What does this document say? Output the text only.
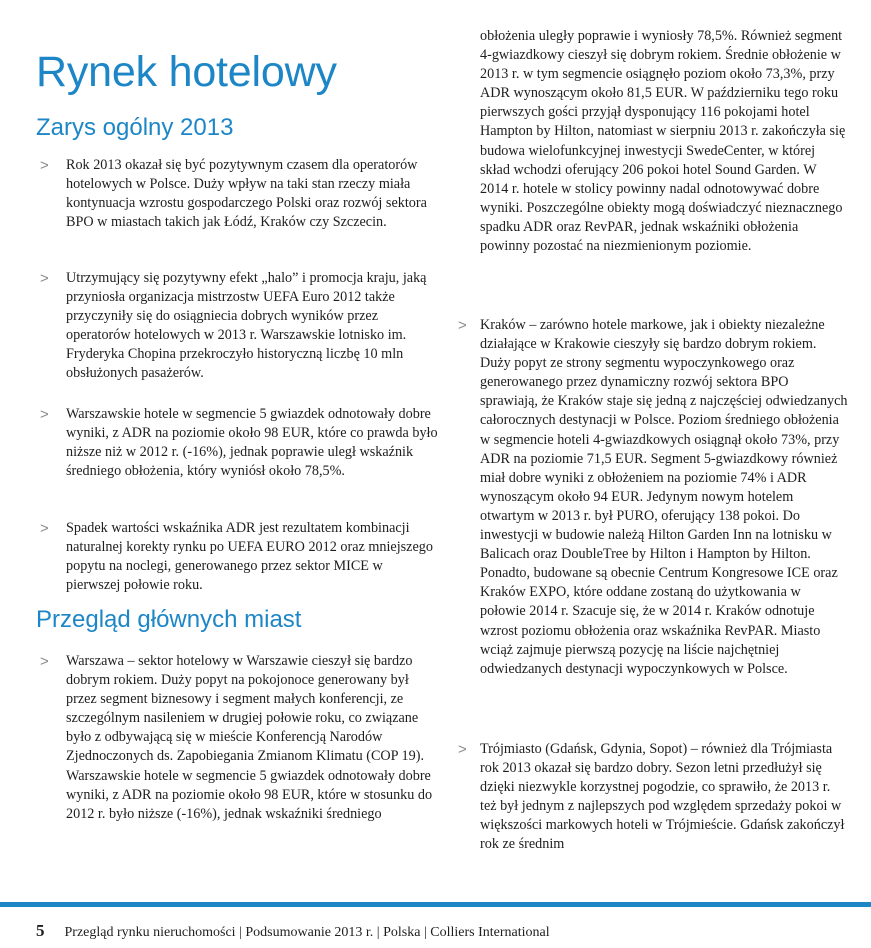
Rynek hotelowy
Zarys ogólny 2013
Przegląd głównych miast
> Rok 2013 okazał się być pozytywnym czasem dla operatorów hotelowych w Polsce. Duży wpływ na taki stan rzeczy miała kontynuacja wzrostu gospodarczego Polski oraz rozwój sektora BPO w miastach takich jak Łódź, Kraków czy Szczecin.
> Utrzymujący się pozytywny efekt „halo” i promocja kraju, jaką przyniosła organizacja mistrzostw UEFA Euro 2012 także przyczyniły się do osiągniecia dobrych wyników przez operatorów hotelowych w 2013 r. Warszawskie lotnisko im. Fryderyka Chopina przekroczyło historyczną liczbę 10 mln obsłużonych pasażerów.
> Warszawskie hotele w segmencie 5 gwiazdek odnotowały dobre wyniki, z ADR na poziomie około 98 EUR, które co prawda było niższe niż w 2012 r. (-16%), jednak poprawie uległ wskaźnik średniego obłożenia, który wyniósł około 78,5%.
> Spadek wartości wskaźnika ADR jest rezultatem kombinacji naturalnej korekty rynku po UEFA EURO 2012 oraz mniejszego popytu na noclegi, generowanego przez sektor MICE w pierwszej połowie roku.
> Warszawa – sektor hotelowy w Warszawie cieszył się bardzo dobrym rokiem. Duży popyt na pokojonoce generowany był przez segment biznesowy i segment małych konferencji, ze szczególnym nasileniem w drugiej połowie roku, co związane było z odbywającą się w mieście Konferencją Narodów Zjednoczonych ds. Zapobiegania Zmianom Klimatu (COP 19). Warszawskie hotele w segmencie 5 gwiazdek odnotowały dobre wyniki, z ADR na poziomie około 98 EUR, które w stosunku do 2012 r. było niższe (-16%), jednak wskaźniki średniego
obłożenia uległy poprawie i wyniosły 78,5%. Również segment 4-gwiazdkowy cieszył się dobrym rokiem. Średnie obłożenie w 2013 r. w tym segmencie osiągnęło poziom około 73,3%, przy ADR wynoszącym około 81,5 EUR. W październiku tego roku pierwszych gości przyjął dysponujący 116 pokojami hotel Hampton by Hilton, natomiast w sierpniu 2013 r. zakończyła się budowa wielofunkcyjnej inwestycji SwedeCenter, w której skład wchodzi oferujący 206 pokoi hotel Sound Garden. W 2014 r. hotele w stolicy powinny nadal odnotowywać dobre wyniki. Poszczególne obiekty mogą doświadczyć nieznacznego spadku ADR oraz RevPAR, jednak wskaźniki obłożenia powinny pozostać na niezmienionym poziomie.
> Kraków – zarówno hotele markowe, jak i obiekty niezależne działające w Krakowie cieszyły się bardzo dobrym rokiem. Duży popyt ze strony segmentu wypoczynkowego oraz generowanego przez dynamiczny rozwój sektora BPO sprawiają, że Kraków staje się jedną z najczęściej odwiedzanych całorocznych destynacji w Polsce. Poziom średniego obłożenia w segmencie hoteli 4-gwiazdkowych osiągnął około 73%, przy ADR na poziomie 71,5 EUR. Segment 5-gwiazdkowy również miał dobre wyniki z obłożeniem na poziomie 74% i ADR wynoszącym około 94 EUR. Jedynym nowym hotelem otwartym w 2013 r. był PURO, oferujący 138 pokoi. Do inwestycji w budowie należą Hilton Garden Inn na lotnisku w Balicach oraz DoubleTree by Hilton i Hampton by Hilton. Ponadto, budowane są obecnie Centrum Kongresowe ICE oraz Kraków EXPO, które oddane zostaną do użytkowania w połowie 2014 r. Szacuje się, że w 2014 r. Kraków odnotuje wzrost poziomu obłożenia oraz wskaźnika RevPAR. Miasto wciąż zajmuje pierwszą pozycję na liście najchętniej odwiedzanych destynacji wypoczynkowych w Polsce.
> Trójmiasto (Gdańsk, Gdynia, Sopot) – również dla Trójmiasta rok 2013 okazał się bardzo dobry. Sezon letni przedłużył się dzięki niezwykle korzystnej pogodzie, co sprawiło, że 2013 r. też był jednym z najlepszych pod względem sprzedaży pokoi w większości markowych hoteli w Trójmieście. Gdańsk zakończył rok ze średnim
5 Przegląd rynku nieruchomości | Podsumowanie 2013 r. | Polska | Colliers International
